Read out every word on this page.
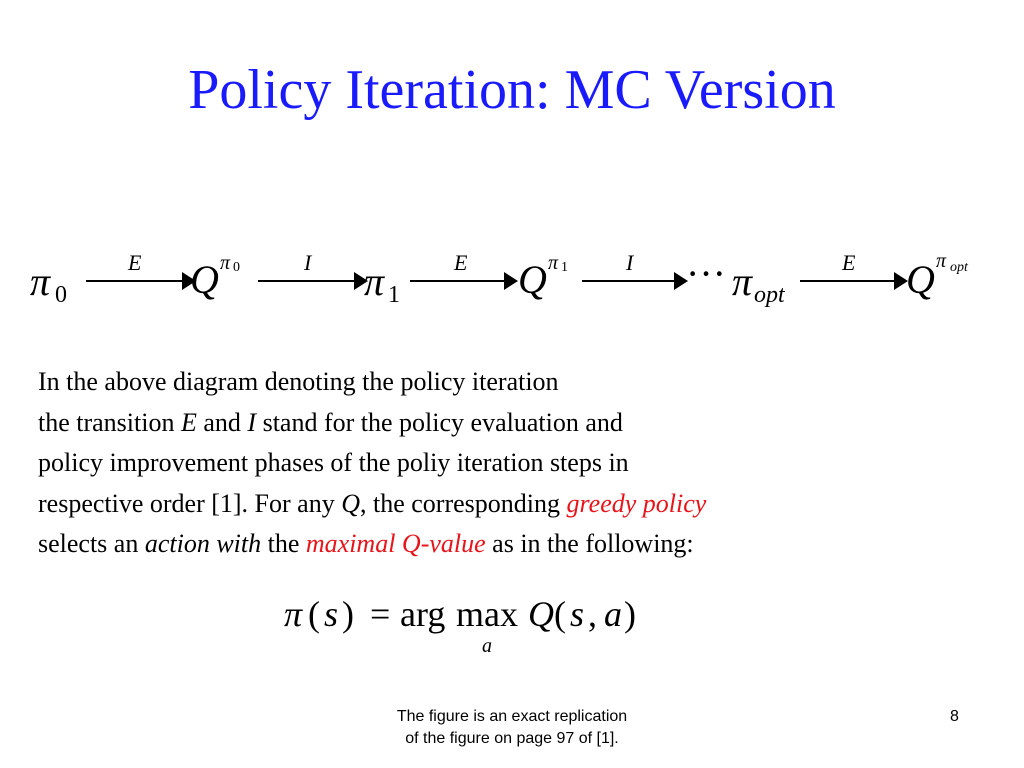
Policy Iteration: MC Version
π 0
E Q π 0	I π 1
E Q π 1	I ··· π opt
E Q π opt
In the above diagram denoting the policy iteration
the transition E and I stand for the policy evaluation and
policy improvement phases of the poliy iteration steps in
respective order [1]. For any Q, the corresponding greedy policy
selects an action with the maximal Q-value as in the following:
π ( s ) = arg max
a
Q ( s , a )
The figure is an exact replication
of the figure on page 97 of [1].
8
